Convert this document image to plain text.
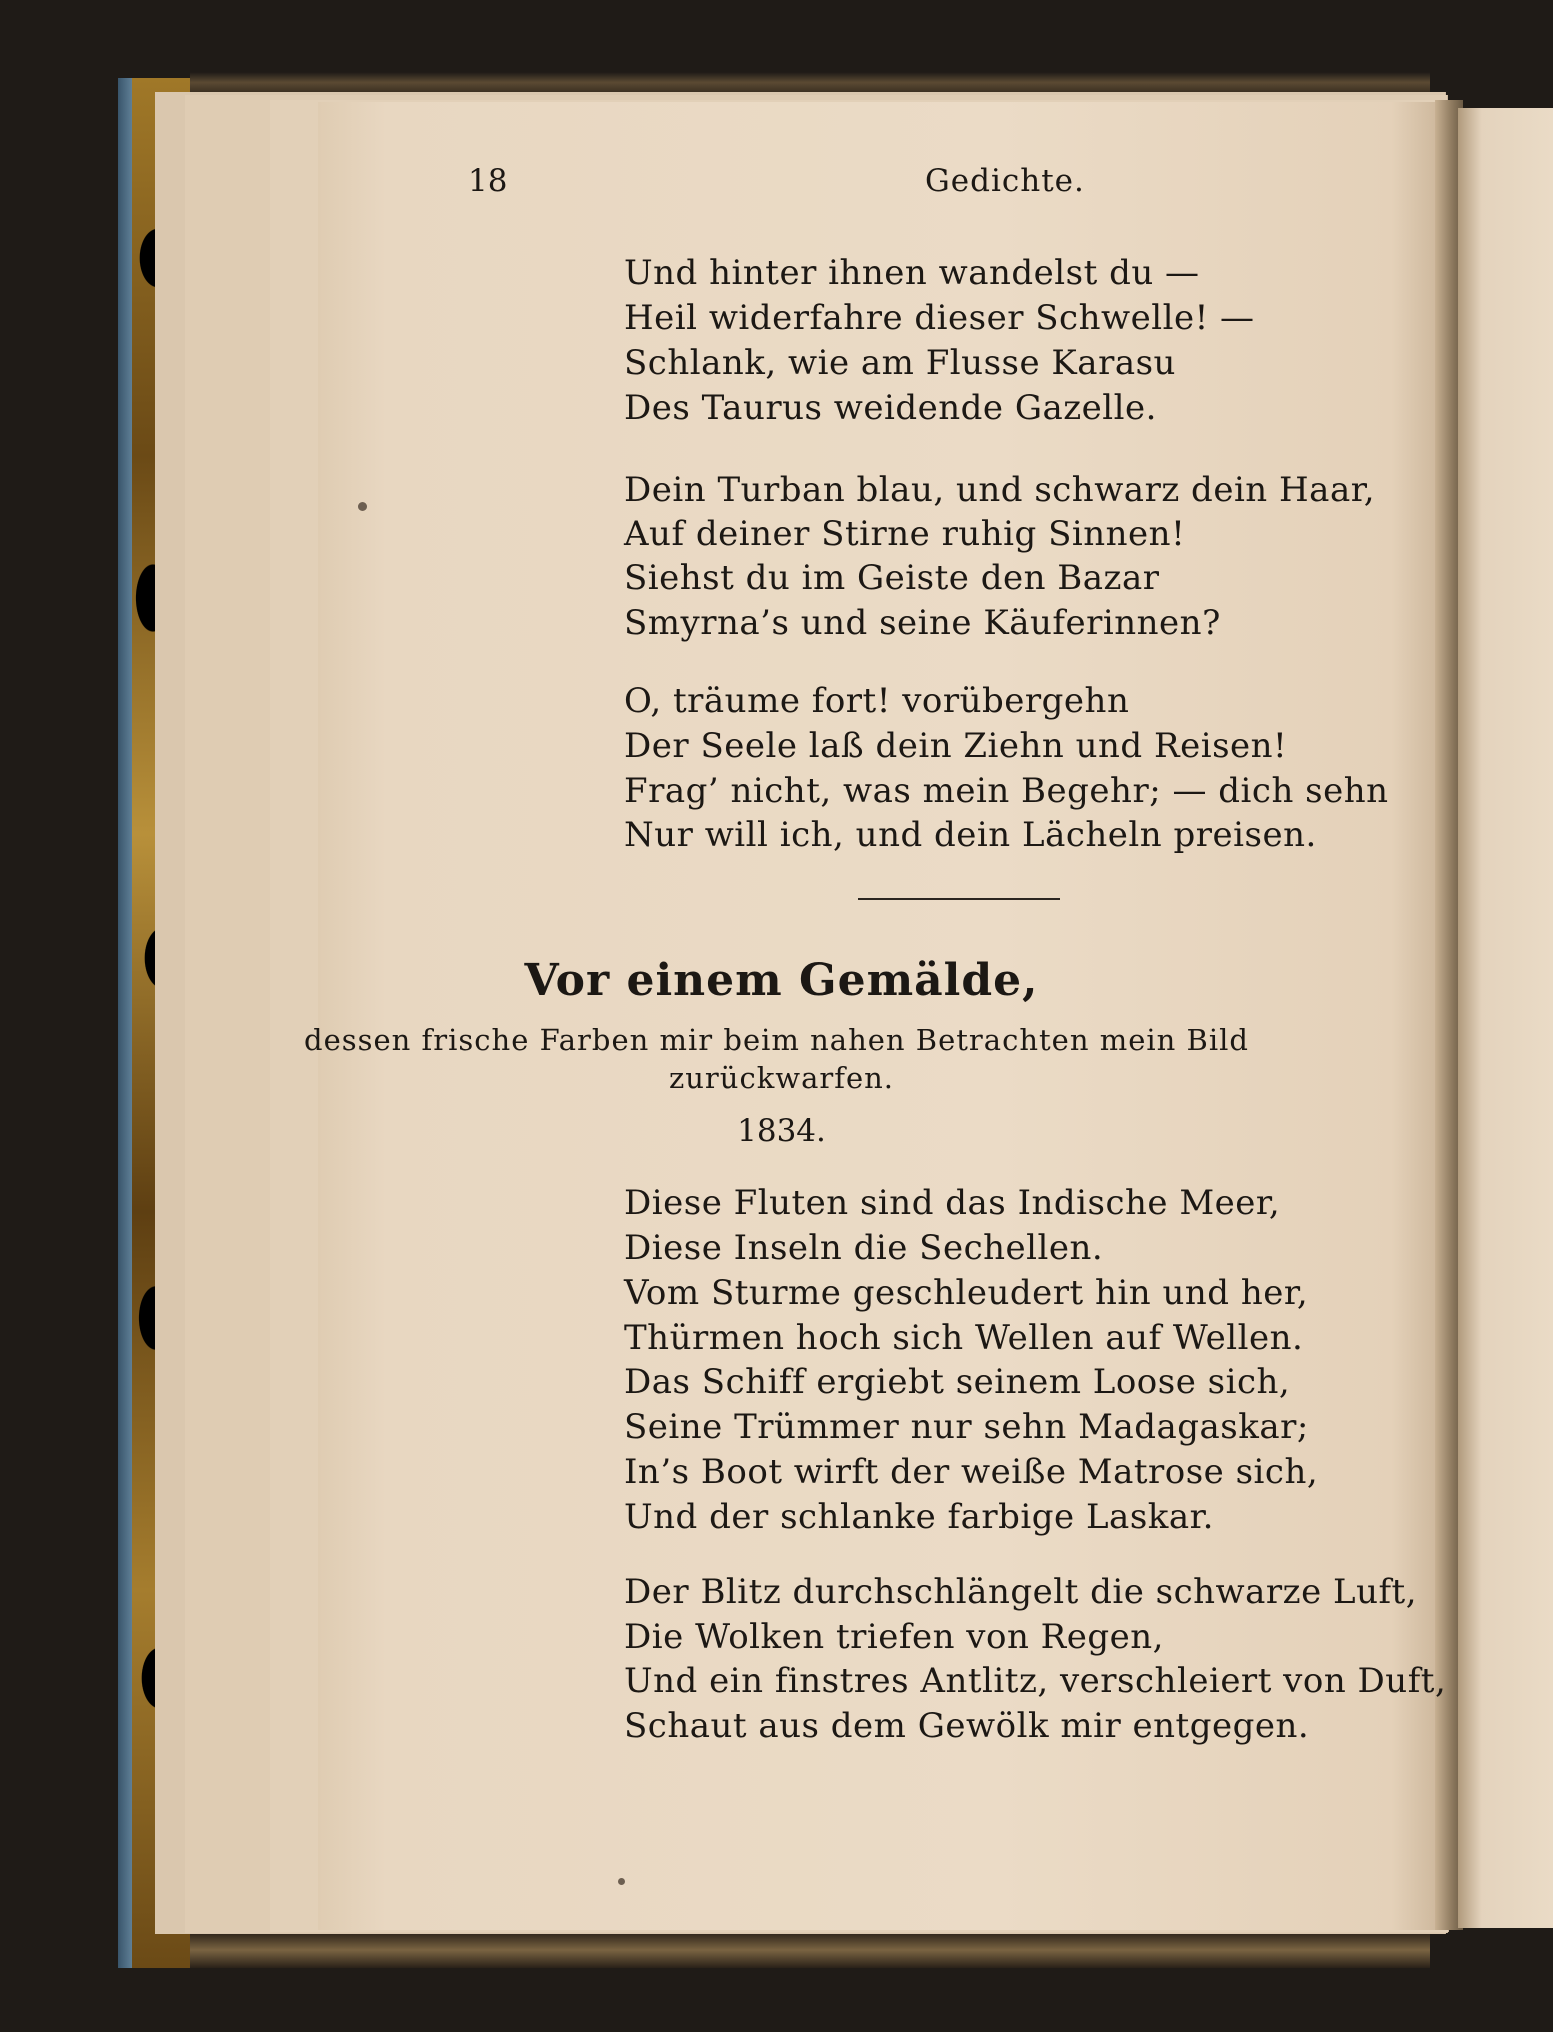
18	Gedichte.

Und hinter ihnen wandelst du —

Heil widerfahre dieser Schwelle! —

Schlank, wie am Flusse Karasu

Des Taurus weidende Gazelle.

Dein Turban blau, und schwarz dein Haar,

Auf deiner Stirne ruhig Sinnen!

Siehst du im Geiste den Bazar

Smyrna’s und seine Käuferinnen?

O, träume fort! vorübergehn

Der Seele laß dein Ziehn und Reisen!

Frag’ nicht, was mein Begehr; — dich sehn

Nur will ich, und dein Lächeln preisen.

Vor einem Gemälde,

dessen frische Farben mir beim nahen Betrachten mein Bild

zurückwarfen.

1834.

Diese Fluten sind das Indische Meer,

Diese Inseln die Sechellen.

Vom Sturme geschleudert hin und her,

Thürmen hoch sich Wellen auf Wellen.

Das Schiff ergiebt seinem Loose sich,

Seine Trümmer nur sehn Madagaskar;

In’s Boot wirft der weiße Matrose sich,

Und der schlanke farbige Laskar.

Der Blitz durchschlängelt die schwarze Luft,

Die Wolken triefen von Regen,

Und ein finstres Antlitz, verschleiert von Duft,

Schaut aus dem Gewölk mir entgegen.
